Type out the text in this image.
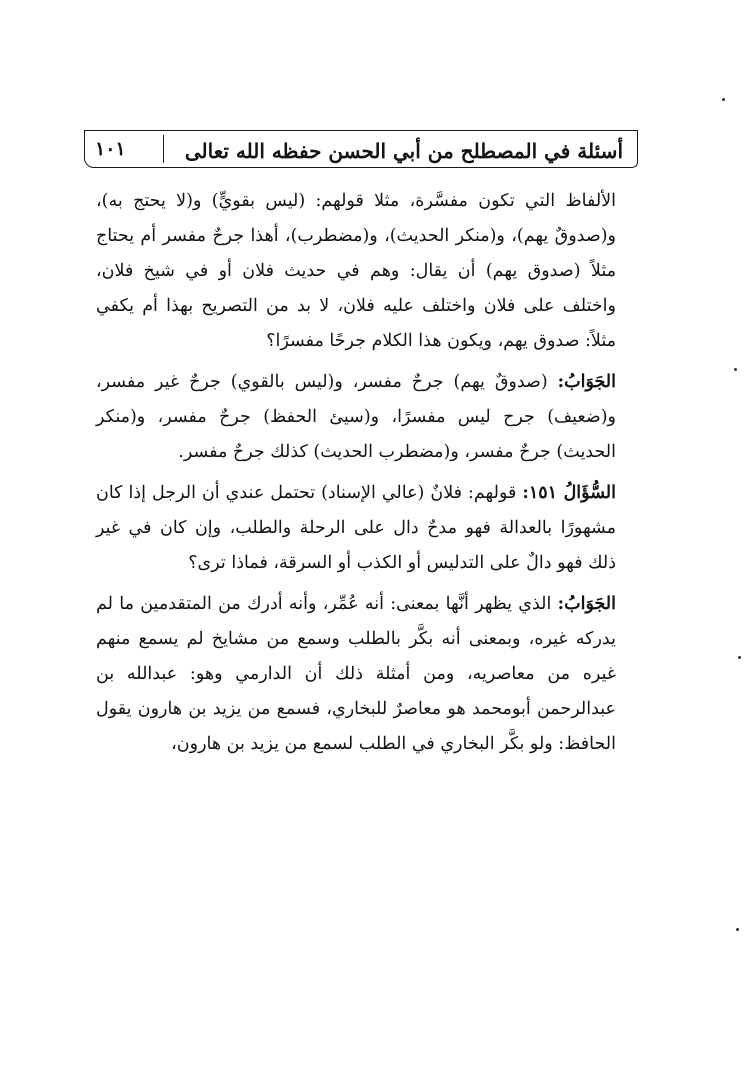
١٠١	أسئلة في المصطلح من أبي الحسن حفظه الله تعالى

الألفاظ التي تكون مفسَّرة، مثلا قولهم: (ليس بقويٍّ) و(لا يحتج به)، و(صدوقٌ يهم)، و(منكر الحديث)، و(مضطرب)، أهذا جرحٌ مفسر أم يحتاج مثلاً (صدوق يهم) أن يقال: وهم في حديث فلان أو في شيخ فلان، واختلف على فلان واختلف عليه فلان، لا بد من التصريح بهذا أم يكفي مثلاً: صدوق يهم، ويكون هذا الكلام جرحًا مفسرًا؟

الجَوَابُ: (صدوقٌ يهم) جرحٌ مفسر، و(ليس بالقوي) جرحٌ غير مفسر، و(ضعيف) جرح ليس مفسرًا، و(سيئ الحفظ) جرحٌ مفسر، و(منكر الحديث) جرحٌ مفسر، و(مضطرب الحديث) كذلك جرحٌ مفسر.

السُّؤَالُ ١٥١: قولهم: فلانٌ (عالي الإسناد) تحتمل عندي أن الرجل إذا كان مشهورًا بالعدالة فهو مدحٌ دال على الرحلة والطلب، وإن كان في غير ذلك فهو دالٌ على التدليس أو الكذب أو السرقة، فماذا ترى؟

الجَوَابُ: الذي يظهر أنَّها بمعنى: أنه عُمِّر، وأنه أدرك من المتقدمين ما لم يدركه غيره، وبمعنى أنه بكَّر بالطلب وسمع من مشايخ لم يسمع منهم غيره من معاصريه، ومن أمثلة ذلك أن الدارمي وهو: عبدالله بن عبدالرحمن أبومحمد هو معاصرٌ للبخاري، فسمع من يزيد بن هارون يقول الحافظ: ولو بكَّر البخاري في الطلب لسمع من يزيد بن هارون،
